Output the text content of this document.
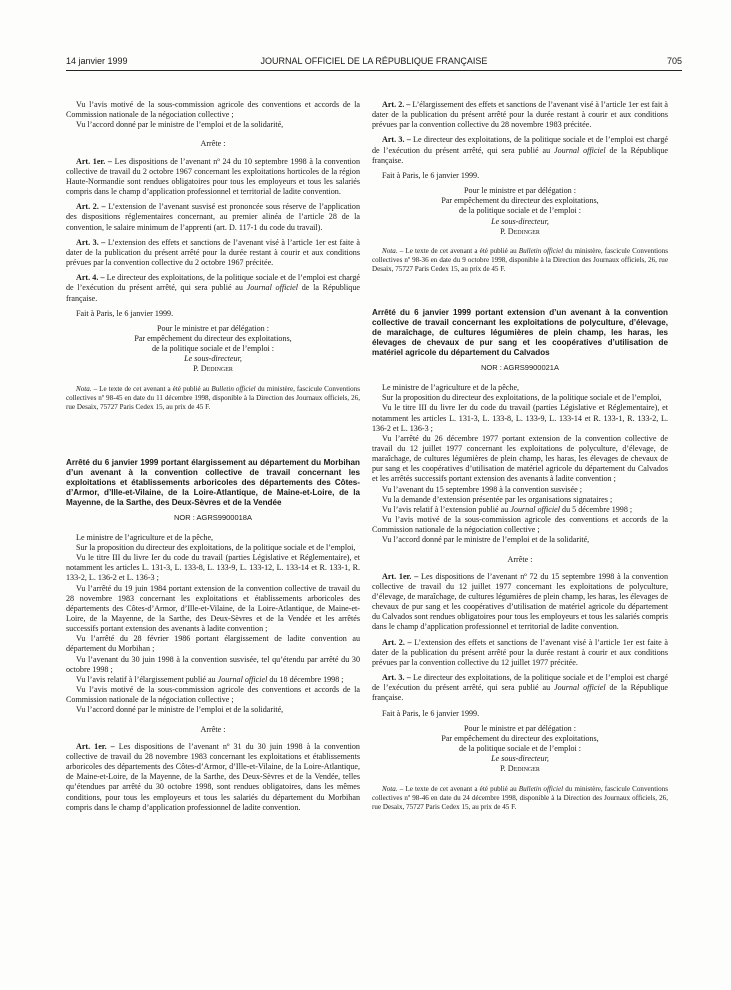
14 janvier 1999	JOURNAL OFFICIEL DE LA RÉPUBLIQUE FRANÇAISE	705

Vu l’avis motivé de la sous-commission agricole des conventions et accords de la Commission nationale de la négociation collective ;

Vu l’accord donné par le ministre de l’emploi et de la solidarité,

Arrête :

Art. 1er. – Les dispositions de l’avenant nº 24 du 10 septembre 1998 à la convention collective de travail du 2 octobre 1967 concernant les exploitations horticoles de la région Haute-Normandie sont rendues obligatoires pour tous les employeurs et tous les salariés compris dans le champ d’application professionnel et territorial de ladite convention.

Art. 2. – L’extension de l’avenant susvisé est prononcée sous réserve de l’application des dispositions réglementaires concernant, au premier alinéa de l’article 28 de la convention, le salaire minimum de l’apprenti (art. D. 117-1 du code du travail).

Art. 3. – L’extension des effets et sanctions de l’avenant visé à l’article 1er est faite à dater de la publication du présent arrêté pour la durée restant à courir et aux conditions prévues par la convention collective du 2 octobre 1967 précitée.

Art. 4. – Le directeur des exploitations, de la politique sociale et de l’emploi est chargé de l’exécution du présent arrêté, qui sera publié au Journal officiel de la République française.

Fait à Paris, le 6 janvier 1999.

Pour le ministre et par délégation :

Par empêchement du directeur des exploitations,

de la politique sociale et de l’emploi :

Le sous-directeur,

P. Dedinger

Nota. – Le texte de cet avenant a été publié au Bulletin officiel du ministère, fascicule Conventions collectives nº 98-45 en date du 11 décembre 1998, disponible à la Direction des Journaux officiels, 26, rue Desaix, 75727 Paris Cedex 15, au prix de 45 F.

Arrêté du 6 janvier 1999 portant élargissement au département du Morbihan d’un avenant à la convention collective de travail concernant les exploitations et établissements arboricoles des départements des Côtes-d’Armor, d’Ille-et-Vilaine, de la Loire-Atlantique, de Maine-et-Loire, de la Mayenne, de la Sarthe, des Deux-Sèvres et de la Vendée

NOR : AGRS9900018A

Le ministre de l’agriculture et de la pêche,

Sur la proposition du directeur des exploitations, de la politique sociale et de l’emploi,

Vu le titre III du livre Ier du code du travail (parties Législative et Réglementaire), et notamment les articles L. 131-3, L. 133-8, L. 133-9, L. 133-12, L. 133-14 et R. 133-1, R. 133-2, L. 136-2 et L. 136-3 ;

Vu l’arrêté du 19 juin 1984 portant extension de la convention collective de travail du 28 novembre 1983 concernant les exploitations et établissements arboricoles des départements des Côtes-d’Armor, d’Ille-et-Vilaine, de la Loire-Atlantique, de Maine-et-Loire, de la Mayenne, de la Sarthe, des Deux-Sèvres et de la Vendée et les arrêtés successifs portant extension des avenants à ladite convention ;

Vu l’arrêté du 28 février 1986 portant élargissement de ladite convention au département du Morbihan ;

Vu l’avenant du 30 juin 1998 à la convention susvisée, tel qu’étendu par arrêté du 30 octobre 1998 ;

Vu l’avis relatif à l’élargissement publié au Journal officiel du 18 décembre 1998 ;

Vu l’avis motivé de la sous-commission agricole des conventions et accords de la Commission nationale de la négociation collective ;

Vu l’accord donné par le ministre de l’emploi et de la solidarité,

Arrête :

Art. 1er. – Les dispositions de l’avenant nº 31 du 30 juin 1998 à la convention collective de travail du 28 novembre 1983 concernant les exploitations et établissements arboricoles des départements des Côtes-d’Armor, d’Ille-et-Vilaine, de la Loire-Atlantique, de Maine-et-Loire, de la Mayenne, de la Sarthe, des Deux-Sèvres et de la Vendée, telles qu’étendues par arrêté du 30 octobre 1998, sont rendues obligatoires, dans les mêmes conditions, pour tous les employeurs et tous les salariés du département du Morbihan compris dans le champ d’application professionnel de ladite convention.

Art. 2. – L’élargissement des effets et sanctions de l’avenant visé à l’article 1er est fait à dater de la publication du présent arrêté pour la durée restant à courir et aux conditions prévues par la convention collective du 28 novembre 1983 précitée.

Art. 3. – Le directeur des exploitations, de la politique sociale et de l’emploi est chargé de l’exécution du présent arrêté, qui sera publié au Journal officiel de la République française.

Fait à Paris, le 6 janvier 1999.

Pour le ministre et par délégation :

Par empêchement du directeur des exploitations,

de la politique sociale et de l’emploi :

Le sous-directeur,

P. Dedinger

Nota. – Le texte de cet avenant a été publié au Bulletin officiel du ministère, fascicule Conventions collectives nº 98-36 en date du 9 octobre 1998, disponible à la Direction des Journaux officiels, 26, rue Desaix, 75727 Paris Cedex 15, au prix de 45 F.

Arrêté du 6 janvier 1999 portant extension d’un avenant à la convention collective de travail concernant les exploitations de polyculture, d’élevage, de maraîchage, de cultures légumières de plein champ, les haras, les élevages de chevaux de pur sang et les coopératives d’utilisation de matériel agricole du département du Calvados

NOR : AGRS9900021A

Le ministre de l’agriculture et de la pêche,

Sur la proposition du directeur des exploitations, de la politique sociale et de l’emploi,

Vu le titre III du livre Ier du code du travail (parties Législative et Réglementaire), et notamment les articles L. 131-3, L. 133-8, L. 133-9, L. 133-14 et R. 133-1, R. 133-2, L. 136-2 et L. 136-3 ;

Vu l’arrêté du 26 décembre 1977 portant extension de la convention collective de travail du 12 juillet 1977 concernant les exploitations de polyculture, d’élevage, de maraîchage, de cultures légumières de plein champ, les haras, les élevages de chevaux de pur sang et les coopératives d’utilisation de matériel agricole du département du Calvados et les arrêtés successifs portant extension des avenants à ladite convention ;

Vu l’avenant du 15 septembre 1998 à la convention susvisée ;

Vu la demande d’extension présentée par les organisations signataires ;

Vu l’avis relatif à l’extension publié au Journal officiel du 5 décembre 1998 ;

Vu l’avis motivé de la sous-commission agricole des conventions et accords de la Commission nationale de la négociation collective ;

Vu l’accord donné par le ministre de l’emploi et de la solidarité,

Arrête :

Art. 1er. – Les dispositions de l’avenant nº 72 du 15 septembre 1998 à la convention collective de travail du 12 juillet 1977 concernant les exploitations de polyculture, d’élevage, de maraîchage, de cultures légumières de plein champ, les haras, les élevages de chevaux de pur sang et les coopératives d’utilisation de matériel agricole du département du Calvados sont rendues obligatoires pour tous les employeurs et tous les salariés compris dans le champ d’application professionnel et territorial de ladite convention.

Art. 2. – L’extension des effets et sanctions de l’avenant visé à l’article 1er est faite à dater de la publication du présent arrêté pour la durée restant à courir et aux conditions prévues par la convention collective du 12 juillet 1977 précitée.

Art. 3. – Le directeur des exploitations, de la politique sociale et de l’emploi est chargé de l’exécution du présent arrêté, qui sera publié au Journal officiel de la République française.

Fait à Paris, le 6 janvier 1999.

Pour le ministre et par délégation :

Par empêchement du directeur des exploitations,

de la politique sociale et de l’emploi :

Le sous-directeur,

P. Dedinger

Nota. – Le texte de cet avenant a été publié au Bulletin officiel du ministère, fascicule Conventions collectives nº 98-46 en date du 24 décembre 1998, disponible à la Direction des Journaux officiels, 26, rue Desaix, 75727 Paris Cedex 15, au prix de 45 F.
